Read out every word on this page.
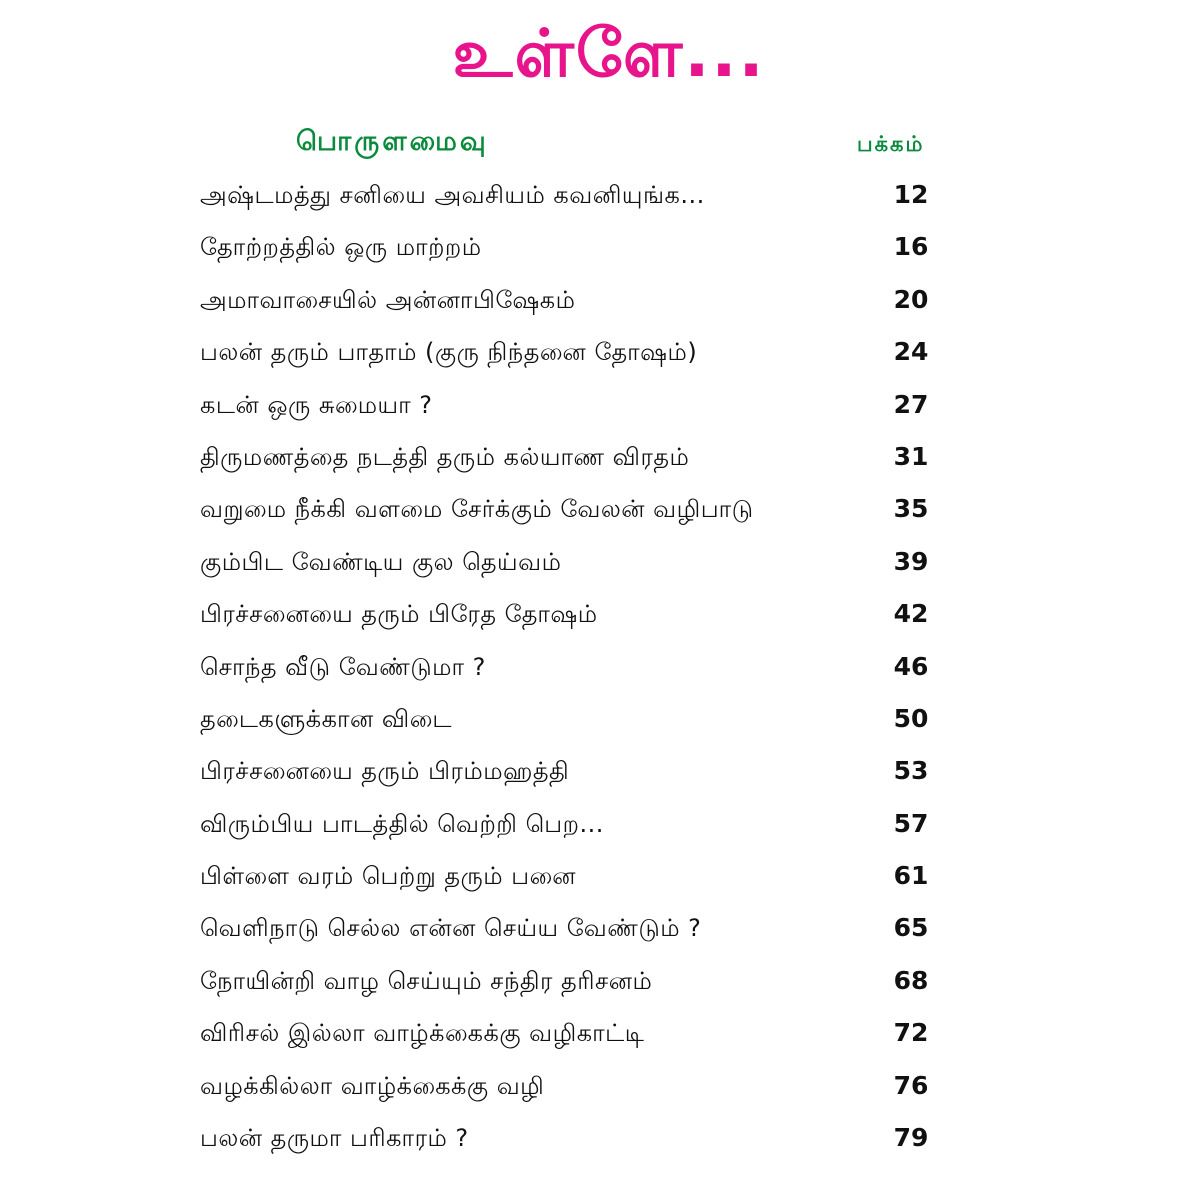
உள்ளே...
பொருளமைவு	பக்கம்
அஷ்டமத்து சனியை அவசியம் கவனியுங்க...	12
தோற்றத்தில் ஒரு மாற்றம்	16
அமாவாசையில் அன்னாபிஷேகம்	20
பலன் தரும் பாதாம் (குரு நிந்தனை தோஷம்)	24
கடன் ஒரு சுமையா ?	27
திருமணத்தை நடத்தி தரும் கல்யாண விரதம்	31
வறுமை நீக்கி வளமை சேர்க்கும் வேலன் வழிபாடு	35
கும்பிட வேண்டிய குல தெய்வம்	39
பிரச்சனையை தரும் பிரேத தோஷம்	42
சொந்த வீடு வேண்டுமா ?	46
தடைகளுக்கான விடை	50
பிரச்சனையை தரும் பிரம்மஹத்தி	53
விரும்பிய பாடத்தில் வெற்றி பெற...	57
பிள்ளை வரம் பெற்று தரும் பனை	61
வெளிநாடு செல்ல என்ன செய்ய வேண்டும் ?	65
நோயின்றி வாழ செய்யும் சந்திர தரிசனம்	68
விரிசல் இல்லா வாழ்க்கைக்கு வழிகாட்டி	72
வழக்கில்லா வாழ்க்கைக்கு வழி	76
பலன் தருமா பரிகாரம் ?	79
